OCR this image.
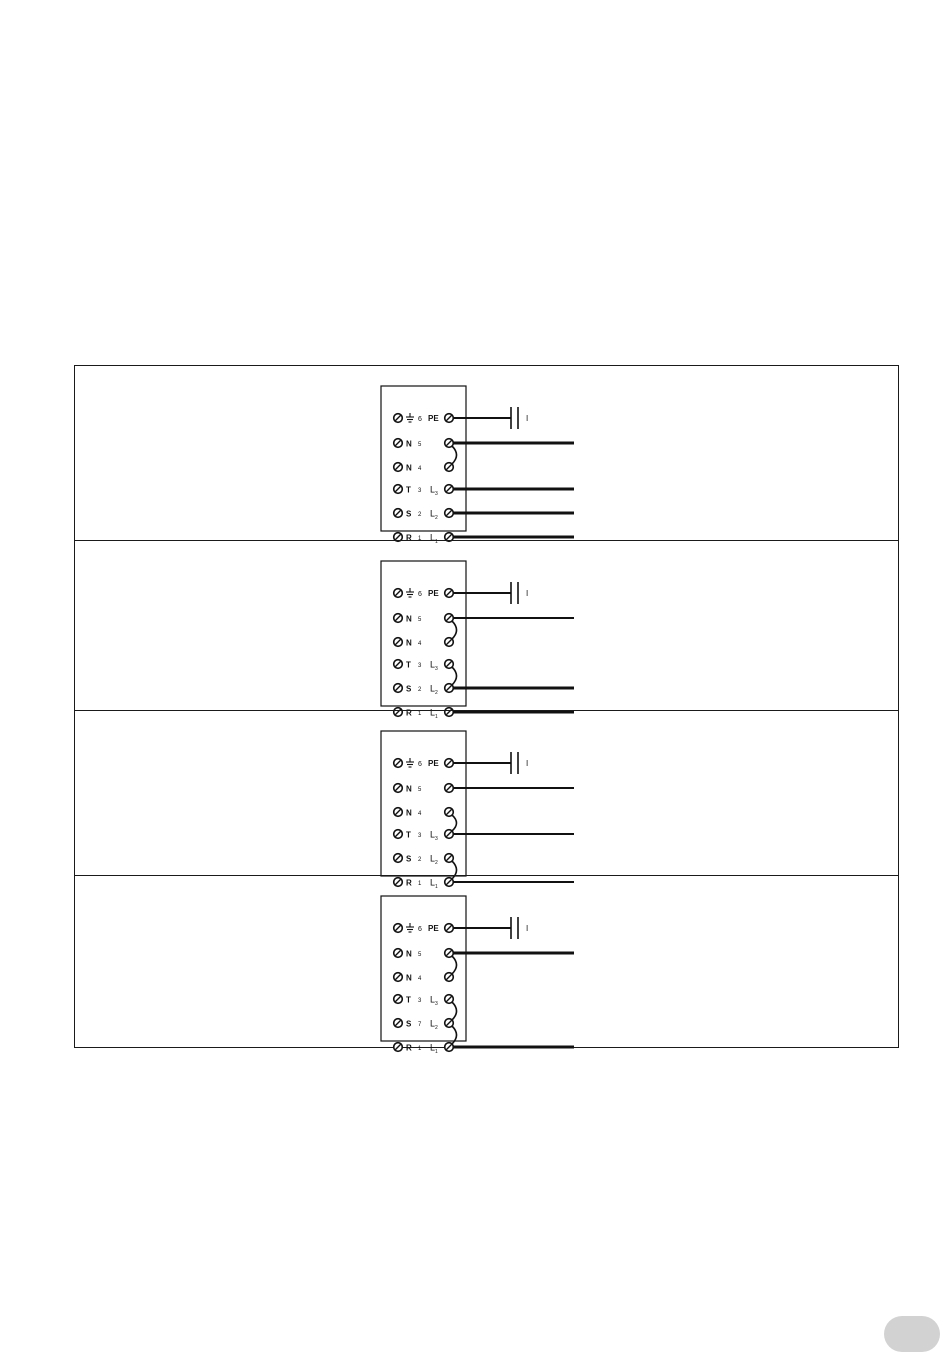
6 PE
N 5
N 4
T 3 L 3
S 2 L 2
R 1 L 1
I
6 PE
N 5
N 4
T 3 L 3
S 2 L 2
R 1 L 1
I
6 PE
N 5
N 4
T 3 L 3
S 2 L 2
R 1 L 1
I
6 PE
N 5
N 4
T 3 L 3
S 7 L 2
R 1 L 1
I
